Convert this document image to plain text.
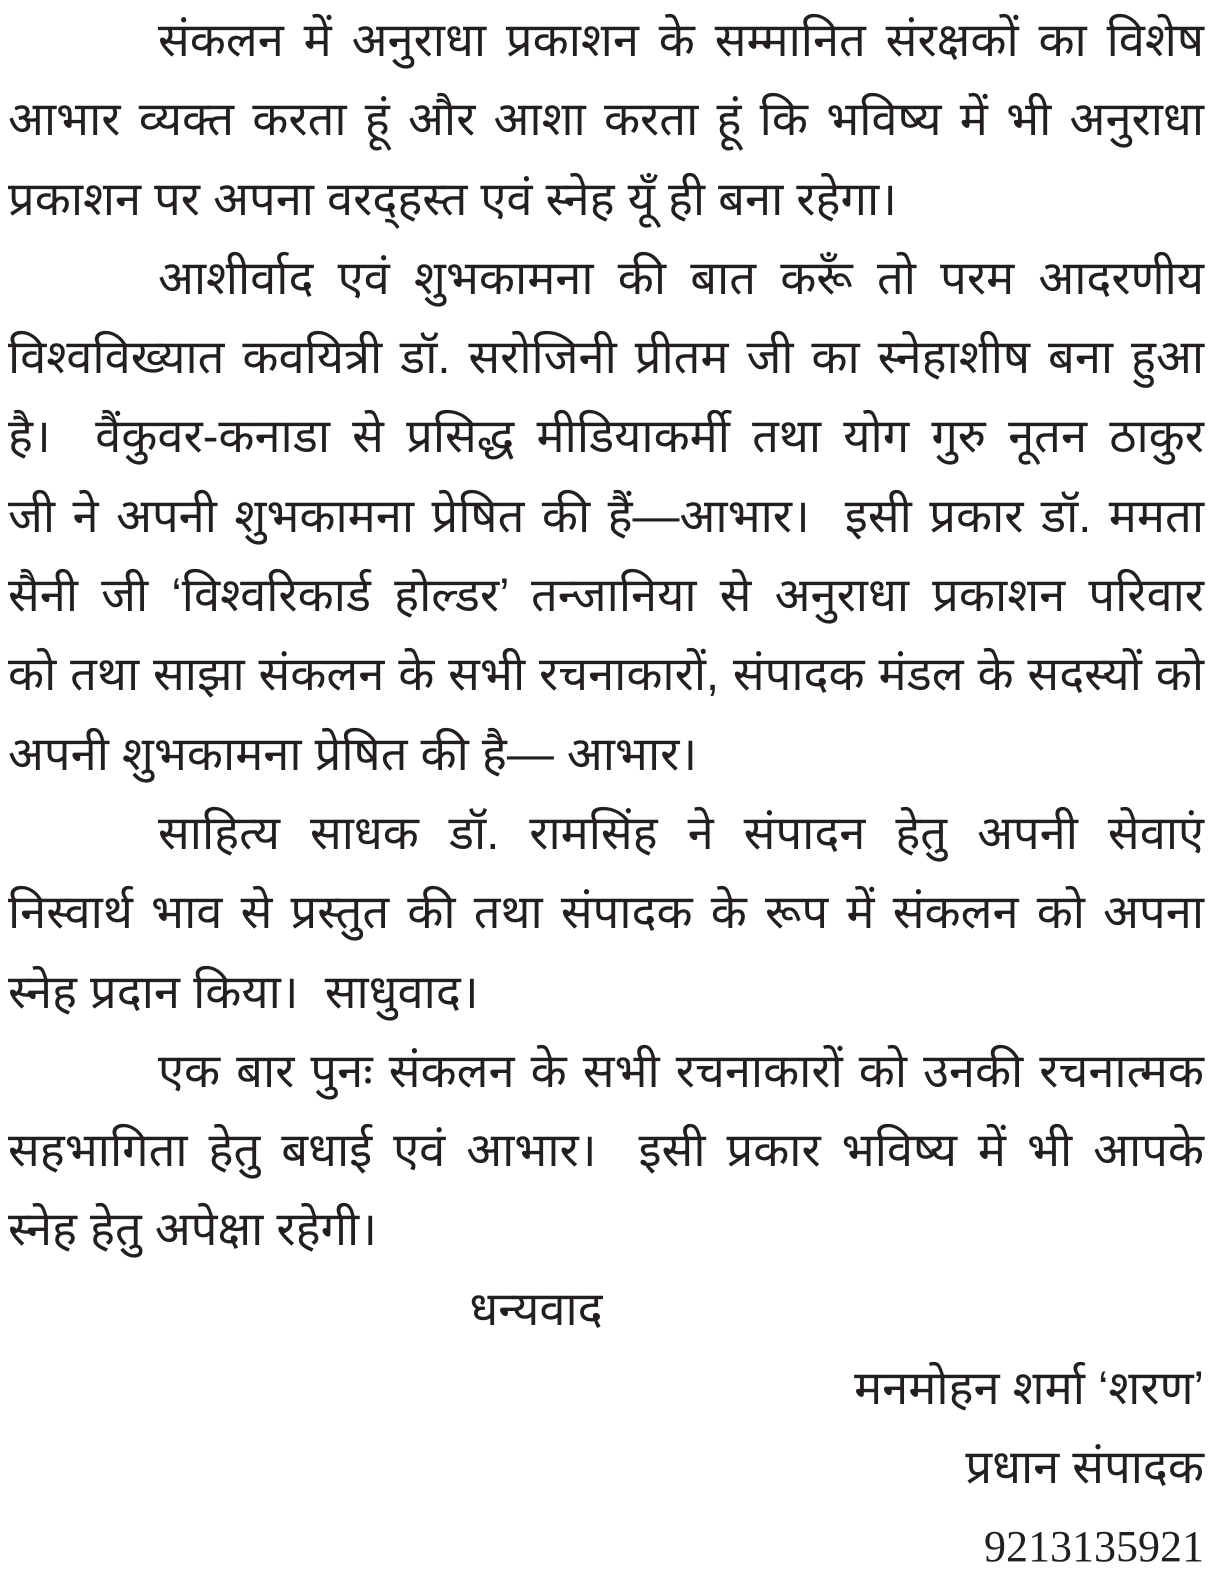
संकलन में अनुराधा प्रकाशन के सम्मानित संरक्षकों का विशेष
आभार व्यक्त करता हूं और आशा करता हूं कि भविष्य में भी अनुराधा
प्रकाशन पर अपना वरद्हस्त एवं स्नेह यूँ ही बना रहेगा।
आशीर्वाद एवं शुभकामना की बात करूँ तो परम आदरणीय
विश्वविख्यात कवयित्री डॉ. सरोजिनी प्रीतम जी का स्नेहाशीष बना हुआ
है।  वैंकुवर-कनाडा से प्रसिद्ध मीडियाकर्मी तथा योग गुरु नूतन ठाकुर
जी ने अपनी शुभकामना प्रेषित की हैं—आभार।  इसी प्रकार डॉ. ममता
सैनी जी ‘विश्वरिकार्ड होल्डर’ तन्जानिया से अनुराधा प्रकाशन परिवार
को तथा साझा संकलन के सभी रचनाकारों, संपादक मंडल के सदस्यों को
अपनी शुभकामना प्रेषित की है— आभार।
साहित्य साधक डॉ. रामसिंह ने संपादन हेतु अपनी सेवाएं
निस्वार्थ भाव से प्रस्तुत की तथा संपादक के रूप में संकलन को अपना
स्नेह प्रदान किया।  साधुवाद।
एक बार पुनः संकलन के सभी रचनाकारों को उनकी रचनात्मक
सहभागिता हेतु बधाई एवं आभार।  इसी प्रकार भविष्य में भी आपके
स्नेह हेतु अपेक्षा रहेगी।
धन्यवाद
मनमोहन शर्मा ‘शरण’
प्रधान संपादक
9213135921
